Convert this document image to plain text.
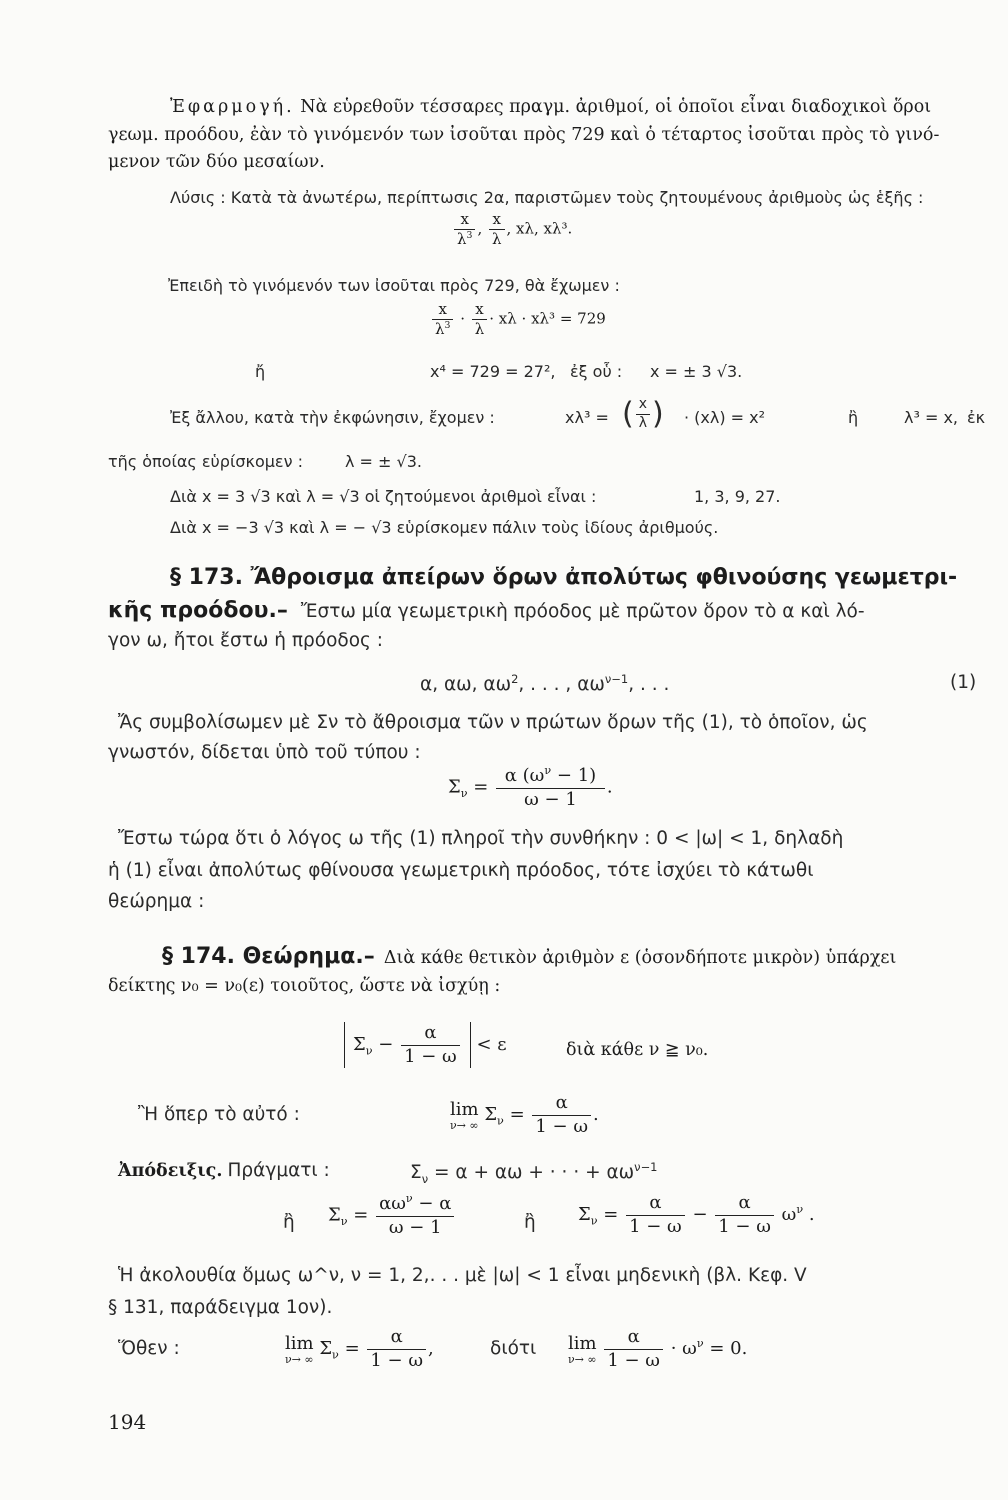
Ἐφαρμογή. Νὰ εὑρεθοῦν τέσσαρες πραγμ. ἀριθμοί, οἱ ὁποῖοι εἶναι διαδοχικοὶ ὅροι
γεωμ. προόδου, ἐὰν τὸ γινόμενόν των ἰσοῦται πρὸς 729 καὶ ὁ τέταρτος ἰσοῦται πρὸς τὸ γινό-
μενον τῶν δύο μεσαίων.
Λύσις : Κατὰ τὰ ἀνωτέρω, περίπτωσις 2α, παριστῶμεν τοὺς ζητουμένους ἀριθμοὺς ὡς ἑξῆς :
$\frac{x}{\lambda^3}$ , $\frac{x}{\lambda}$ , xλ, xλ³.
Ἐπειδὴ τὸ γινόμενόν των ἰσοῦται πρὸς 729, θὰ ἔχωμεν :
$\frac{x}{\lambda^3} \cdot \frac{x}{\lambda} \cdot x\lambda \cdot x\lambda^3 = 729$
ἤ	x⁴ = 729 = 27², ἐξ οὗ : x = ± 3 √3.
Ἐξ ἄλλου, κατὰ τὴν ἐκφώνησιν, ἔχομεν :	xλ³ = ( $\frac{x}{\lambda}$ ) · (xλ) = x²	ἢ	λ³ = x, ἐκ
τῆς ὁποίας εὑρίσκομεν :	λ = ± √3.
Διὰ x = 3 √3 καὶ λ = √3 οἱ ζητούμενοι ἀριθμοὶ εἶναι :	1, 3, 9, 27.
Διὰ x = −3 √3 καὶ λ = − √3 εὑρίσκομεν πάλιν τοὺς ἰδίους ἀριθμούς.
§ 173. Ἄθροισμα ἀπείρων ὅρων ἀπολύτως φθινούσης γεωμετρι-
κῆς προόδου.– Ἔστω μία γεωμετρικὴ πρόοδος μὲ πρῶτον ὅρον τὸ α καὶ λό-
γον ω, ἤτοι ἔστω ἡ πρόοδος :
α, αω, $\alpha\omega^2$, . . . , $\alpha\omega^{\nu-1}$, . . .	(1)
Ἄς συμβολίσωμεν μὲ Σν τὸ ἄθροισμα τῶν ν πρώτων ὅρων τῆς (1), τὸ ὁποῖον, ὡς
γνωστόν, δίδεται ὑπὸ τοῦ τύπου :
$\Sigma_\nu = \frac{\alpha (\omega^\nu - 1)}{\omega - 1}$ .
Ἔστω τώρα ὅτι ὁ λόγος ω τῆς (1) πληροῖ τὴν συνθήκην : 0 < |ω| < 1, δηλαδὴ
ἡ (1) εἶναι ἀπολύτως φθίνουσα γεωμετρικὴ πρόοδος, τότε ἰσχύει τὸ κάτωθι
θεώρημα :
§ 174. Θεώρημα.– Διὰ κάθε θετικὸν ἀριθμὸν ε (ὁσονδήποτε μικρὸν) ὑπάρχει
δείκτης ν₀ = ν₀(ε) τοιοῦτος, ὥστε νὰ ἰσχύῃ :
$\Sigma_\nu - \frac{\alpha}{1 - \omega} < \varepsilon$	διὰ κάθε ν ≧ ν₀.
Ἢ ὅπερ τὸ αὐτό :	lim
ν→ ∞
$\Sigma_\nu = \frac{\alpha}{1 - \omega}$ .
Ἀπόδειξις. Πράγματι :	$\Sigma_\nu = \alpha + \alpha\omega$ + · · · + $\alpha\omega^{\nu-1}$
ἢ $\Sigma_\nu$ =
$\alpha\omega^\nu - \alpha$
ω − 1	ἢ $\Sigma_\nu = \frac{\alpha}{1 - \omega} - \frac{\alpha}{1 - \omega} \omega^\nu$ .
Ἡ ἀκολουθία ὅμως ω^ν, ν = 1, 2,. . . μὲ |ω| < 1 εἶναι μηδενικὴ (βλ. Κεφ. V
§ 131, παράδειγμα 1ον).
Ὅθεν :	lim
ν→ ∞
$\Sigma_\nu = \frac{\alpha}{1 - \omega}$ ,	διότι lim
ν→ ∞
$\frac{\alpha}{1 - \omega} \cdot \omega^\nu = 0$.
194
